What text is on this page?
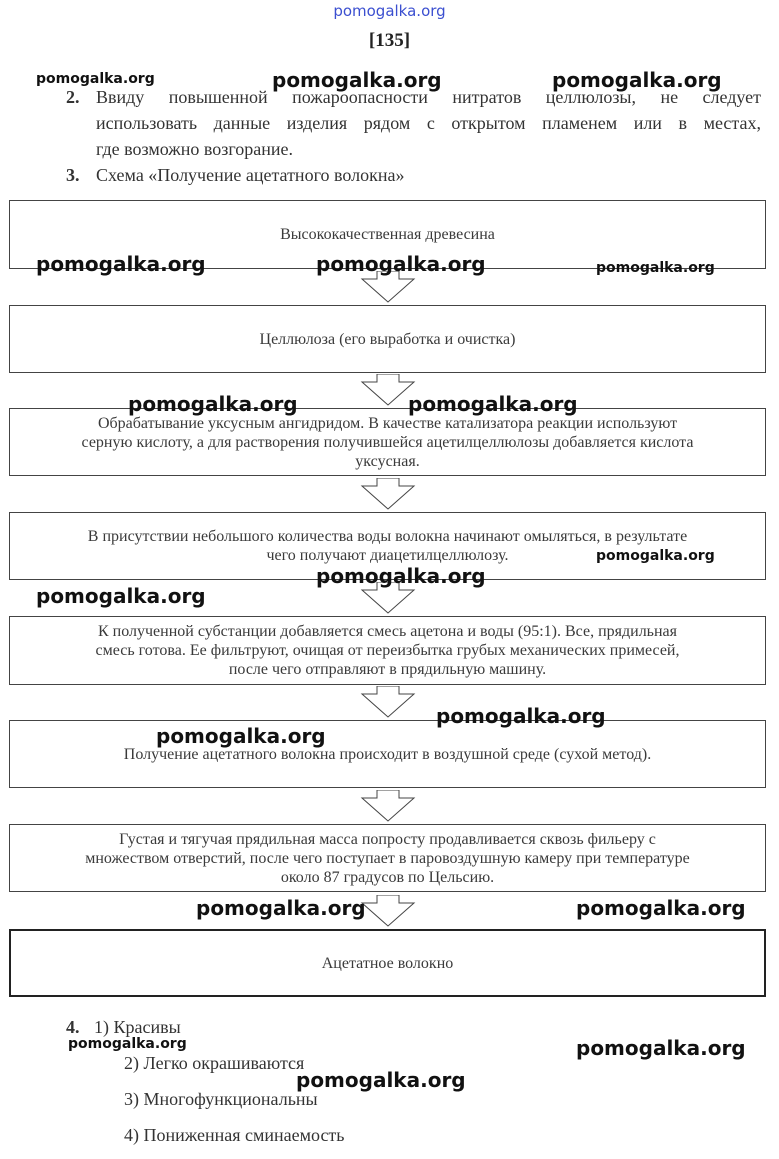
pomogalka.org
[135]
2. Ввиду повышенной пожароопасности нитратов целлюлозы, не следует
использовать данные изделия рядом с открытом пламенем или в местах,
где возможно возгорание.
3. Схема «Получение ацетатного волокна»
Высококачественная древесина
Целлюлоза (его выработка и очистка)
Обрабатывание уксусным ангидридом. В качестве катализатора реакции используют
серную кислоту, а для растворения получившейся ацетилцеллюлозы добавляется кислота
уксусная.
В присутствии небольшого количества воды волокна начинают омыляться, в результате
чего получают диацетилцеллюлозу.
К полученной субстанции добавляется смесь ацетона и воды (95:1). Все, прядильная
смесь готова. Ее фильтруют, очищая от переизбытка грубых механических примесей,
после чего отправляют в прядильную машину.
Получение ацетатного волокна происходит в воздушной среде (сухой метод).
Густая и тягучая прядильная масса попросту продавливается сквозь фильеру с
множеством отверстий, после чего поступает в паровоздушную камеру при температуре
около 87 градусов по Цельсию.
Ацетатное волокно
4. 1) Красивы
2) Легко окрашиваются
3) Многофункциональны
4) Пониженная сминаемость
pomogalka.org	pomogalka.org	pomogalka.org
pomogalka.org	pomogalka.org	pomogalka.org
pomogalka.org	pomogalka.org
pomogalka.org
pomogalka.org
pomogalka.org
pomogalka.org
pomogalka.org
pomogalka.org	pomogalka.org
pomogalka.org	pomogalka.org
pomogalka.org
